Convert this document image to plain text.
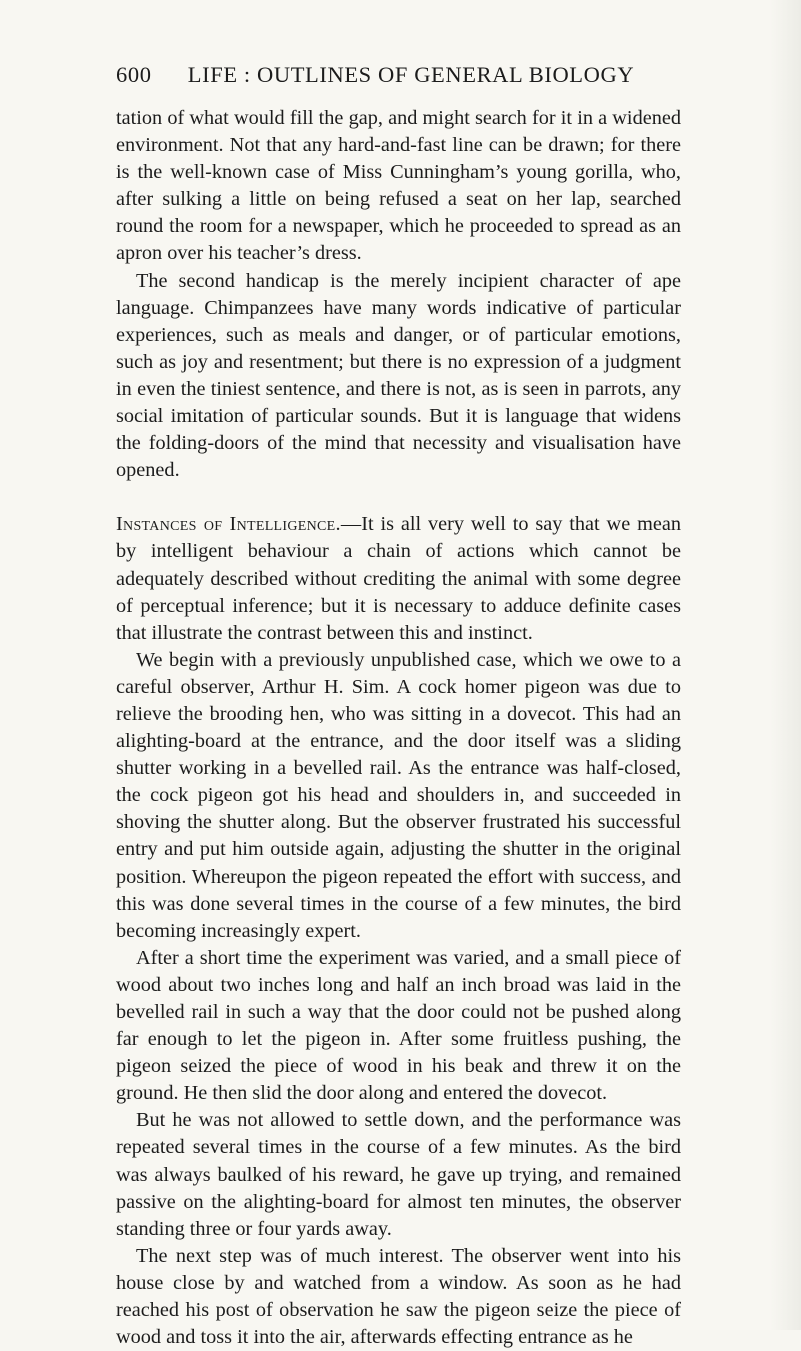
600 LIFE : OUTLINES OF GENERAL BIOLOGY

tation of what would fill the gap, and might search for it in a widened environment. Not that any hard-and-fast line can be drawn; for there is the well-known case of Miss Cunningham’s young gorilla, who, after sulking a little on being refused a seat on her lap, searched round the room for a newspaper, which he proceeded to spread as an apron over his teacher’s dress.

The second handicap is the merely incipient character of ape language. Chimpanzees have many words indicative of particular experiences, such as meals and danger, or of particular emotions, such as joy and resentment; but there is no expression of a judgment in even the tiniest sentence, and there is not, as is seen in parrots, any social imitation of particular sounds. But it is language that widens the folding-doors of the mind that necessity and visualisation have opened.

Instances of Intelligence.—It is all very well to say that we mean by intelligent behaviour a chain of actions which cannot be adequately described without crediting the animal with some degree of perceptual inference; but it is necessary to adduce definite cases that illustrate the contrast between this and instinct.

We begin with a previously unpublished case, which we owe to a careful observer, Arthur H. Sim. A cock homer pigeon was due to relieve the brooding hen, who was sitting in a dovecot. This had an alighting-board at the entrance, and the door itself was a sliding shutter working in a bevelled rail. As the entrance was half-closed, the cock pigeon got his head and shoulders in, and succeeded in shoving the shutter along. But the observer frustrated his successful entry and put him outside again, adjusting the shutter in the original position. Whereupon the pigeon repeated the effort with success, and this was done several times in the course of a few minutes, the bird becoming increasingly expert.

After a short time the experiment was varied, and a small piece of wood about two inches long and half an inch broad was laid in the bevelled rail in such a way that the door could not be pushed along far enough to let the pigeon in. After some fruitless pushing, the pigeon seized the piece of wood in his beak and threw it on the ground. He then slid the door along and entered the dovecot.

But he was not allowed to settle down, and the performance was repeated several times in the course of a few minutes. As the bird was always baulked of his reward, he gave up trying, and remained passive on the alighting-board for almost ten minutes, the observer standing three or four yards away.

The next step was of much interest. The observer went into his house close by and watched from a window. As soon as he had reached his post of observation he saw the pigeon seize the piece of wood and toss it into the air, afterwards effecting entrance as he
